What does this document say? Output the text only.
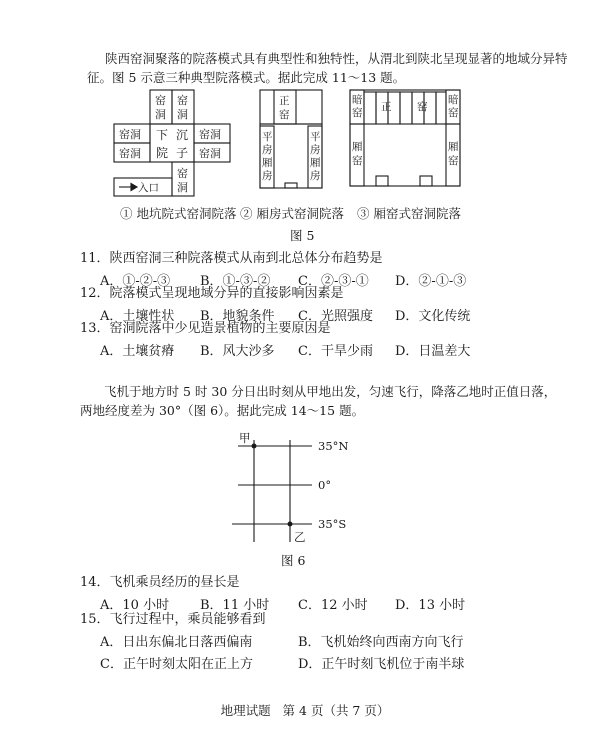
陕西窑洞聚落的院落模式具有典型性和独特性，从渭北到陕北呈现显著的地域分异特
征。图 5 示意三种典型院落模式。据此完成 11～13 题。
窑
洞
窑
洞
窑洞
窑洞
下 沉 窑洞
窑洞
院 子
窑
洞
入口
正
窑
平
房
厢
房
平
房
厢
房
暗
窑 正 窑
暗
窑
厢
窑
厢
窑
① 地坑院式窑洞院落 ② 厢房式窑洞院落 ③ 厢窑式窑洞院落
图 5
11．陕西窑洞三种院落模式从南到北总体分布趋势是
A．①-②-③ B．①-③-② C．②-③-① D．②-①-③
12．院落模式呈现地域分异的直接影响因素是
A．土壤性状 B．地貌条件 C．光照强度 D．文化传统
13．窑洞院落中少见造景植物的主要原因是
A．土壤贫瘠 B．风大沙多 C．干旱少雨 D．日温差大
飞机于地方时 5 时 30 分日出时刻从甲地出发，匀速飞行，降落乙地时正值日落，
两地经度差为 30°（图 6）。据此完成 14～15 题。
甲
乙
35°N
0°
35°S
图 6
14．飞机乘员经历的昼长是
A．10 小时 B．11 小时 C．12 小时 D．13 小时
15．飞行过程中，乘员能够看到
A．日出东偏北日落西偏南	B．飞机始终向西南方向飞行
C．正午时刻太阳在正上方	D．正午时刻飞机位于南半球
地理试题   第 4 页（共 7 页）
